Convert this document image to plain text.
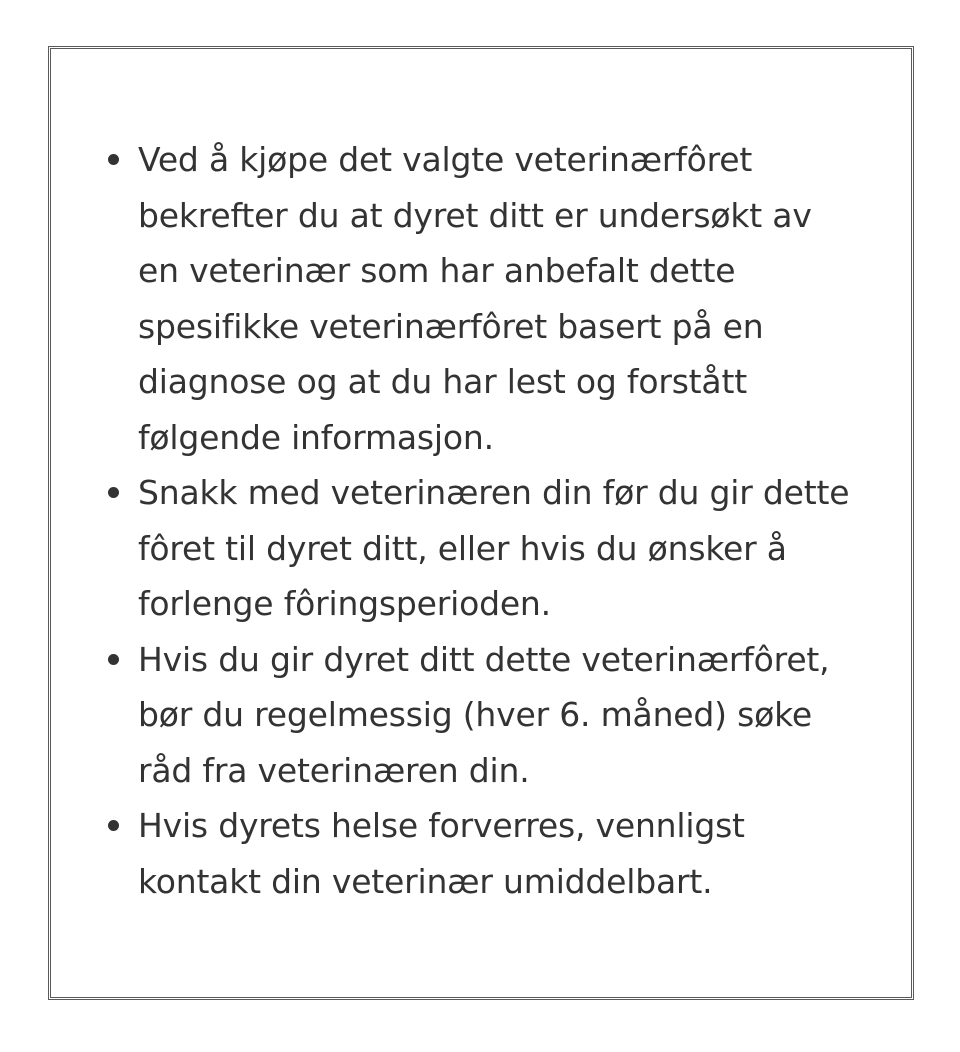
Ved å kjøpe det valgte veterinærfôret bekrefter du at dyret ditt er undersøkt av en veterinær som har anbefalt dette spesifikke veterinærfôret basert på en diagnose og at du har lest og forstått følgende informasjon.
Snakk med veterinæren din før du gir dette fôret til dyret ditt, eller hvis du ønsker å forlenge fôringsperioden.
Hvis du gir dyret ditt dette veterinærfôret, bør du regelmessig (hver 6. måned) søke råd fra veterinæren din.
Hvis dyrets helse forverres, vennligst kontakt din veterinær umiddelbart.
